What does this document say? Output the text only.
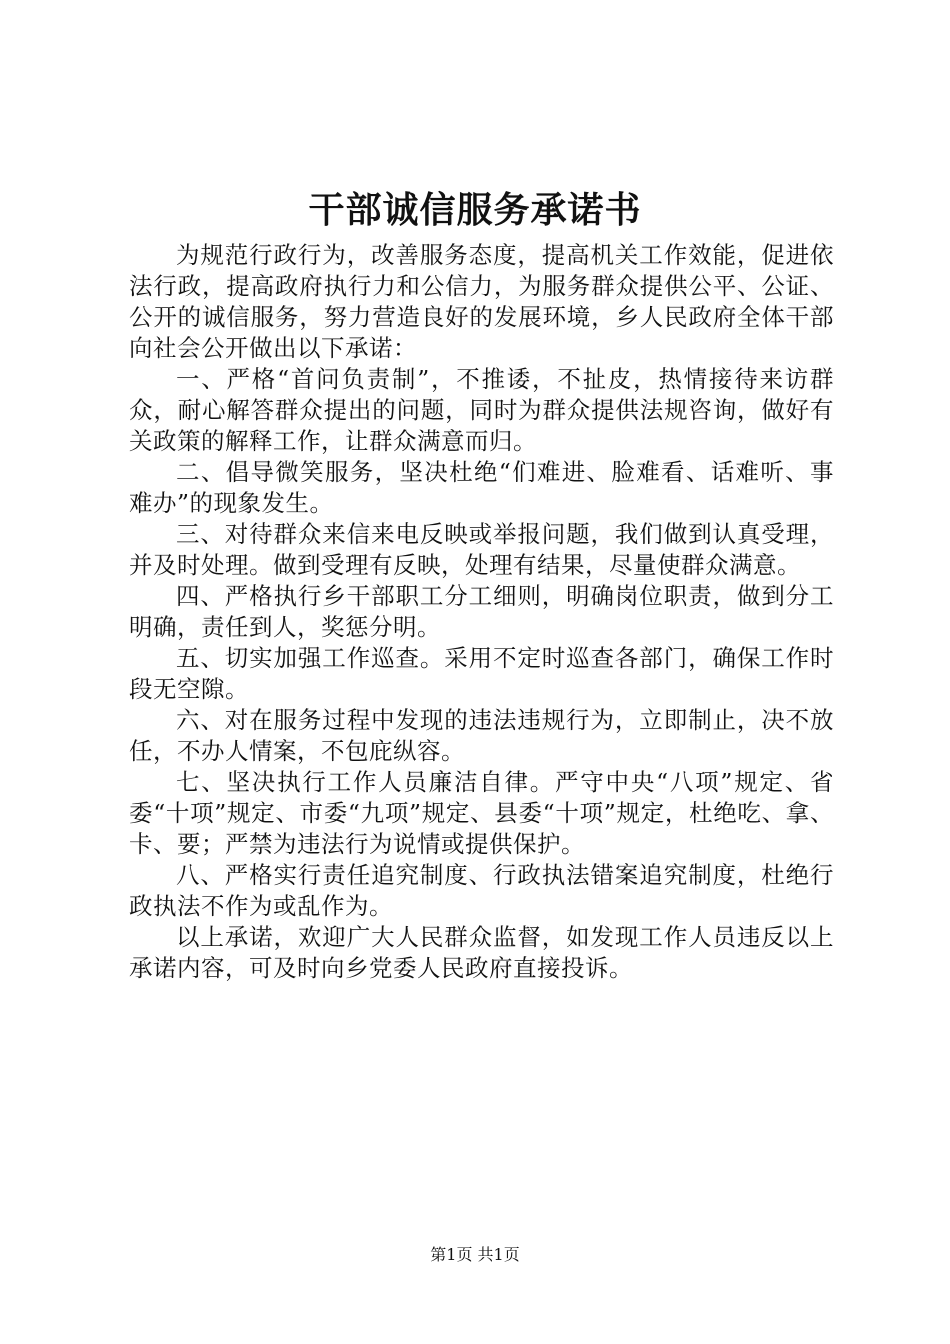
干部诚信服务承诺书

为规范行政行为，改善服务态度，提高机关工作效能，促进依法行政，提高政府执行力和公信力，为服务群众提供公平、公证、公开的诚信服务，努力营造良好的发展环境，乡人民政府全体干部向社会公开做出以下承诺：

一、严格“首问负责制”，不推诿，不扯皮，热情接待来访群众，耐心解答群众提出的问题，同时为群众提供法规咨询，做好有关政策的解释工作，让群众满意而归。

二、倡导微笑服务，坚决杜绝“们难进、脸难看、话难听、事难办”的现象发生。

三、对待群众来信来电反映或举报问题，我们做到认真受理，并及时处理。做到受理有反映，处理有结果，尽量使群众满意。

四、严格执行乡干部职工分工细则，明确岗位职责，做到分工明确，责任到人，奖惩分明。

五、切实加强工作巡查。采用不定时巡查各部门，确保工作时段无空隙。

六、对在服务过程中发现的违法违规行为，立即制止，决不放任，不办人情案，不包庇纵容。

七、坚决执行工作人员廉洁自律。严守中央“八项”规定、省委“十项”规定、市委“九项”规定、县委“十项”规定，杜绝吃、拿、卡、要；严禁为违法行为说情或提供保护。

八、严格实行责任追究制度、行政执法错案追究制度，杜绝行政执法不作为或乱作为。

以上承诺，欢迎广大人民群众监督，如发现工作人员违反以上承诺内容，可及时向乡党委人民政府直接投诉。

第1页 共1页
